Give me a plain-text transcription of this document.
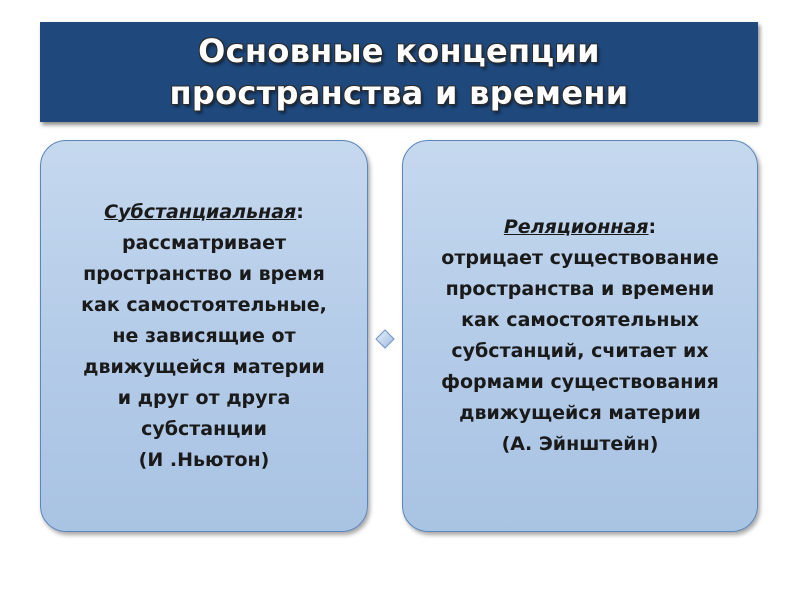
Основные концепции
пространства и времени
Субстанциальная:
рассматривает
пространство и время
как самостоятельные,
не зависящие от
движущейся материи
и друг от друга
субстанции
(И .Ньютон)
Реляционная:
отрицает существование
пространства и времени
как самостоятельных
субстанций, считает их
формами существования
движущейся материи
(А. Эйнштейн)
